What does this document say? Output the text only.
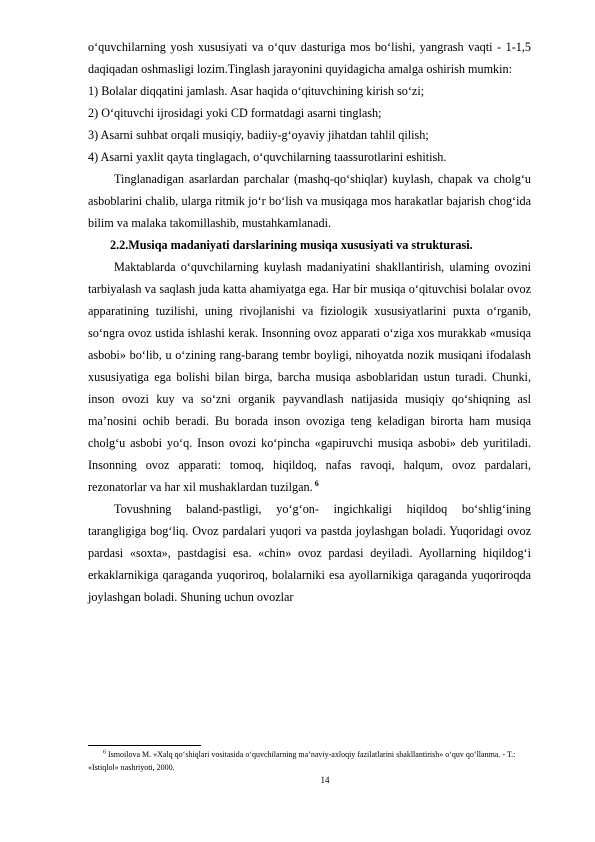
o‘quvchilarning yosh xususiyati va o‘quv dasturiga mos bo‘lishi, yangrash vaqti - 1-1,5 daqiqadan oshmasligi lozim.Tinglash jarayonini quyidagicha amalga oshirish mumkin:

1) Bolalar diqqatini jamlash. Asar haqida o‘qituvchining kirish so‘zi;

2) O‘qituvchi ijrosidagi yoki CD formatdagi asarni tinglash;

3) Asarni suhbat orqali musiqiy, badiiy-g‘oyaviy jihatdan tahlil qilish;

4) Asarni yaxlit qayta tinglagach, o‘quvchilarning taassurotlarini eshitish.

Tinglanadigan asarlardan parchalar (mashq-qo‘shiqlar) kuylash, chapak va cholg‘u asboblarini chalib, ularga ritmik jo‘r bo‘lish va musiqaga mos harakatlar bajarish chog‘ida bilim va malaka takomillashib, mustahkamlanadi.

2.2.Musiqa madaniyati darslarining musiqa xususiyati va strukturasi.

Maktablarda o‘quvchilarning kuylash madaniyatini shakllantirish, ulaming ovozini tarbiyalash va saqlash juda katta ahamiyatga ega. Har bir musiqa o‘qituvchisi bolalar ovoz apparatining tuzilishi, uning rivojlanishi va fiziologik xususiyatlarini puxta o‘rganib, so‘ngra ovoz ustida ishlashi kerak. Insonning ovoz apparati o‘ziga xos murakkab «musiqa asbobi» bo‘lib, u o‘zining rang-barang tembr boyligi, nihoyatda nozik musiqani ifodalash xususiyatiga ega bolishi bilan birga, barcha musiqa asboblaridan ustun turadi. Chunki, inson ovozi kuy va so‘zni organik payvandlash natijasida musiqiy qo‘shiqning asl ma’nosini ochib beradi. Bu borada inson ovoziga teng keladigan birorta ham musiqa cholg‘u asbobi yo‘q. Inson ovozi ko‘pincha «gapiruvchi musiqa asbobi» deb yuritiladi. Insonning ovoz apparati: tomoq, hiqildoq, nafas ravoqi, halqum, ovoz pardalari, rezonatorlar va har xil mushaklardan tuzilgan. $^6$

Tovushning baland-pastligi, yo‘g‘on- ingichkaligi hiqildoq bo‘shlig‘ining tarangligiga bog‘liq. Ovoz pardalari yuqori va pastda joylashgan boladi. Yuqoridagi ovoz pardasi «soxta», pastdagisi esa. «chin» ovoz pardasi deyiladi. Ayollarning hiqildog‘i erkaklarnikiga qaraganda yuqoriroq, bolalarniki esa ayollarnikiga qaraganda yuqoriroqda joylashgan boladi. Shuning uchun ovozlar

$^6$ Ismoilova M. «Xalq qo‘shiqlari vositasida o‘quvchilarning ma’naviy-axloqiy fazilatlarini shakllantirish» o‘quv qo‘llanma. - T.: «Istiqlol» nashriyoti, 2000.
14
